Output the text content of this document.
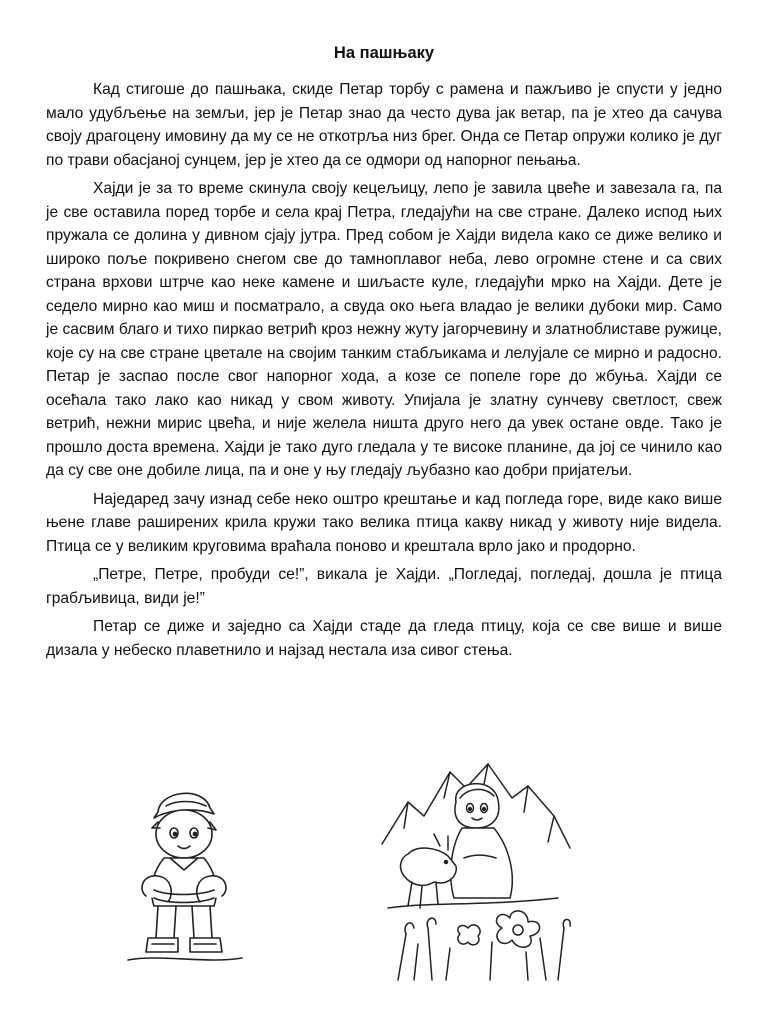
На пашњаку

Кад стигоше до пашњака, скиде Петар торбу с рамена и пажљиво је спусти у једно мало удубљење на земљи, јер је Петар знао да често дува јак ветар, па је хтео да сачува своју драгоцену имовину да му се не откотрља низ брег. Онда се Петар опружи колико је дуг по трави обасјаној сунцем, јер је хтео да се одмори од напорног пењања.

Хајди је за то време скинула своју кецељицу, лепо је завила цвеће и завезала га, па је све оставила поред торбе и села крај Петра, гледајући на све стране. Далеко испод њих пружала се долина у дивном сјају јутра. Пред собом је Хајди видела како се диже велико и широко поље покривено снегом све до тамноплавог неба, лево огромне стене и са свих страна врхови штрче као неке камене и шиљасте куле, гледајући мрко на Хајди. Дете је седело мирно као миш и посматрало, а свуда око њега владао је велики дубоки мир. Само је сасвим благо и тихо пиркао ветрић кроз нежну жуту јагорчевину и златноблиставе ружице, које су на све стране цветале на својим танким стабљикама и лелујале се мирно и радосно. Петар је заспао после свог напорног хода, а козе се попеле горе до жбуња. Хајди се осећала тако лако као никад у свом животу. Упијала је златну сунчеву светлост, свеж ветрић, нежни мирис цвећа, и није желела ништа друго него да увек остане овде. Тако је прошло доста времена. Хајди је тако дуго гледала у те високе планине, да јој се чинило као да су све оне добиле лица, па и оне у њу гледају љубазно као добри пријатељи.

Наједаред зачу изнад себе неко оштро крештање и кад погледа горе, виде како више њене главе раширених крила кружи тако велика птица какву никад у животу није видела. Птица се у великим круговима враћала поново и крештала врло јако и продорно.

„Петре, Петре, пробуди се!”, викала је Хајди. „Погледај, погледај, дошла је птица грабљивица, види је!”

Петар се диже и заједно са Хајди стаде да гледа птицу, која се све више и више дизала у небеско плаветнило и најзад нестала иза сивог стења.
